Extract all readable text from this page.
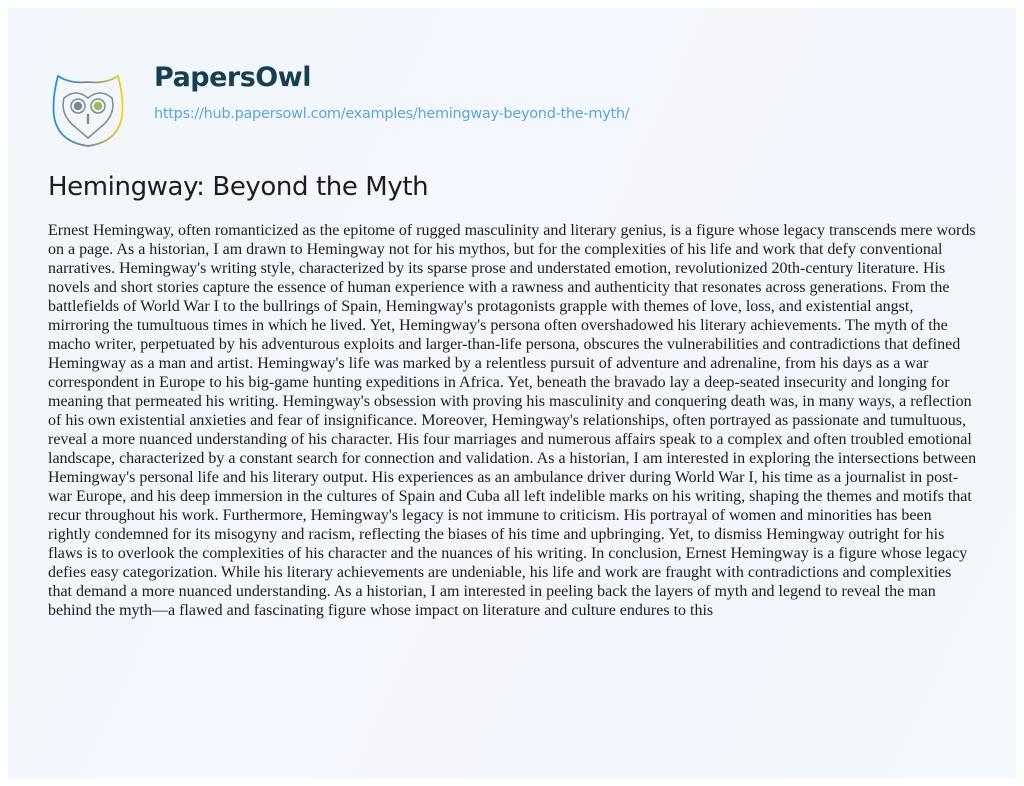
PapersOwl
https://hub.papersowl.com/examples/hemingway-beyond-the-myth/
Hemingway: Beyond the Myth
Ernest Hemingway, often romanticized as the epitome of rugged masculinity and literary genius, is a figure whose legacy transcends mere words
on a page. As a historian, I am drawn to Hemingway not for his mythos, but for the complexities of his life and work that defy conventional
narratives. Hemingway's writing style, characterized by its sparse prose and understated emotion, revolutionized 20th-century literature. His
novels and short stories capture the essence of human experience with a rawness and authenticity that resonates across generations. From the
battlefields of World War I to the bullrings of Spain, Hemingway's protagonists grapple with themes of love, loss, and existential angst,
mirroring the tumultuous times in which he lived. Yet, Hemingway's persona often overshadowed his literary achievements. The myth of the
macho writer, perpetuated by his adventurous exploits and larger-than-life persona, obscures the vulnerabilities and contradictions that defined
Hemingway as a man and artist. Hemingway's life was marked by a relentless pursuit of adventure and adrenaline, from his days as a war
correspondent in Europe to his big-game hunting expeditions in Africa. Yet, beneath the bravado lay a deep-seated insecurity and longing for
meaning that permeated his writing. Hemingway's obsession with proving his masculinity and conquering death was, in many ways, a reflection
of his own existential anxieties and fear of insignificance. Moreover, Hemingway's relationships, often portrayed as passionate and tumultuous,
reveal a more nuanced understanding of his character. His four marriages and numerous affairs speak to a complex and often troubled emotional
landscape, characterized by a constant search for connection and validation. As a historian, I am interested in exploring the intersections between
Hemingway's personal life and his literary output. His experiences as an ambulance driver during World War I, his time as a journalist in post-
war Europe, and his deep immersion in the cultures of Spain and Cuba all left indelible marks on his writing, shaping the themes and motifs that
recur throughout his work. Furthermore, Hemingway's legacy is not immune to criticism. His portrayal of women and minorities has been
rightly condemned for its misogyny and racism, reflecting the biases of his time and upbringing. Yet, to dismiss Hemingway outright for his
flaws is to overlook the complexities of his character and the nuances of his writing. In conclusion, Ernest Hemingway is a figure whose legacy
defies easy categorization. While his literary achievements are undeniable, his life and work are fraught with contradictions and complexities
that demand a more nuanced understanding. As a historian, I am interested in peeling back the layers of myth and legend to reveal the man
behind the myth—a flawed and fascinating figure whose impact on literature and culture endures to this
